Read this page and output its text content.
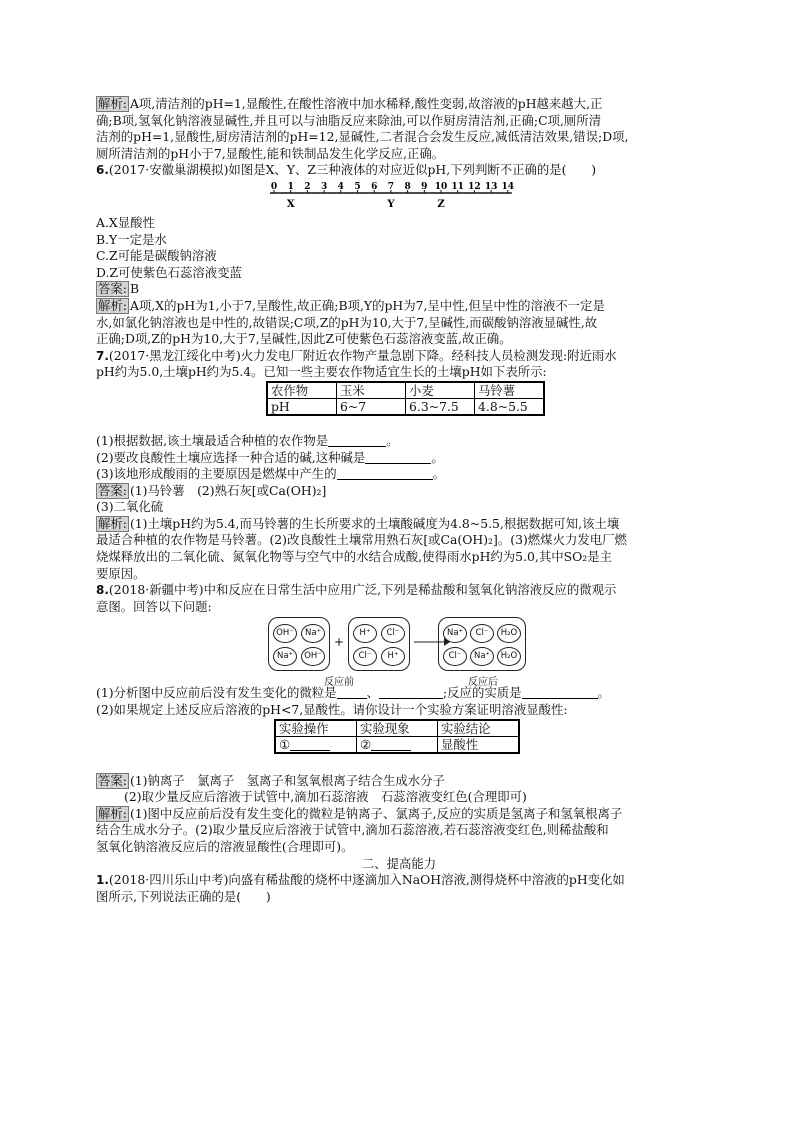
解析: A项,清洁剂的pH=1,显酸性,在酸性溶液中加水稀释,酸性变弱,故溶液的pH越来越大,正
确;B项,氢氧化钠溶液显碱性,并且可以与油脂反应来除油,可以作厨房清洁剂,正确;C项,厕所清
洁剂的pH=1,显酸性,厨房清洁剂的pH=12,显碱性,二者混合会发生反应,减低清洁效果,错误;D项,
厕所清洁剂的pH小于7,显酸性,能和铁制品发生化学反应,正确。
6.(2017·安徽巢湖模拟)如图是X、Y、Z三种液体的对应近似pH,下列判断不正确的是(　　)
0 1 2 3 4 5 6 7 8 9 10 11 12 13 14
X	Y	Z
A.X显酸性
B.Y一定是水
C.Z可能是碳酸钠溶液
D.Z可使紫色石蕊溶液变蓝
答案: B
解析: A项,X的pH为1,小于7,呈酸性,故正确;B项,Y的pH为7,呈中性,但呈中性的溶液不一定是
水,如氯化钠溶液也是中性的,故错误;C项,Z的pH为10,大于7,呈碱性,而碳酸钠溶液显碱性,故
正确;D项,Z的pH为10,大于7,呈碱性,因此Z可使紫色石蕊溶液变蓝,故正确。
7.(2017·黑龙江绥化中考)火力发电厂附近农作物产量急剧下降。经科技人员检测发现:附近雨水
pH约为5.0,土壤pH约为5.4。已知一些主要农作物适宜生长的土壤pH如下表所示:
农作物	玉米	小麦	马铃薯
pH	6~7	6.3~7.5	4.8~5.5
(1)根据数据,该土壤最适合种植的农作物是	。
(2)要改良酸性土壤应选择一种合适的碱,这种碱是	。
(3)该地形成酸雨的主要原因是燃煤中产生的	。
答案: (1)马铃薯　(2)熟石灰[或Ca(OH)₂]
(3)二氧化硫
解析: (1)土壤pH约为5.4,而马铃薯的生长所要求的土壤酸碱度为4.8~5.5,根据数据可知,该土壤
最适合种植的农作物是马铃薯。(2)改良酸性土壤常用熟石灰[或Ca(OH)₂]。(3)燃煤火力发电厂燃
烧煤释放出的二氧化硫、氮氧化物等与空气中的水结合成酸,使得雨水pH约为5.0,其中SO₂是主
要原因。
8.(2018·新疆中考)中和反应在日常生活中应用广泛,下列是稀盐酸和氢氧化钠溶液反应的微观示
意图。回答以下问题:
OH⁻	Na⁺
Na⁺	OH⁻
+
H⁺	Cl⁻
Cl⁻	H⁺
Na⁺	Cl⁻	H₂O
Cl⁻	Na⁺	H₂O
反应前	反应后
(1)分析图中反应前后没有发生变化的微粒是 、	;反应的实质是	。
(2)如果规定上述反应后溶液的pH<7,显酸性。请你设计一个实验方案证明溶液显酸性:
实验操作	实验现象	实验结论
①	②	显酸性
答案: (1)钠离子　氯离子　氢离子和氢氧根离子结合生成水分子
(2)取少量反应后溶液于试管中,滴加石蕊溶液　石蕊溶液变红色(合理即可)
解析: (1)图中反应前后没有发生变化的微粒是钠离子、氯离子,反应的实质是氢离子和氢氧根离子
结合生成水分子。(2)取少量反应后溶液于试管中,滴加石蕊溶液,若石蕊溶液变红色,则稀盐酸和
氢氧化钠溶液反应后的溶液显酸性(合理即可)。
二、提高能力
1.(2018·四川乐山中考)向盛有稀盐酸的烧杯中逐滴加入NaOH溶液,测得烧杯中溶液的pH变化如
图所示,下列说法正确的是(　　)
